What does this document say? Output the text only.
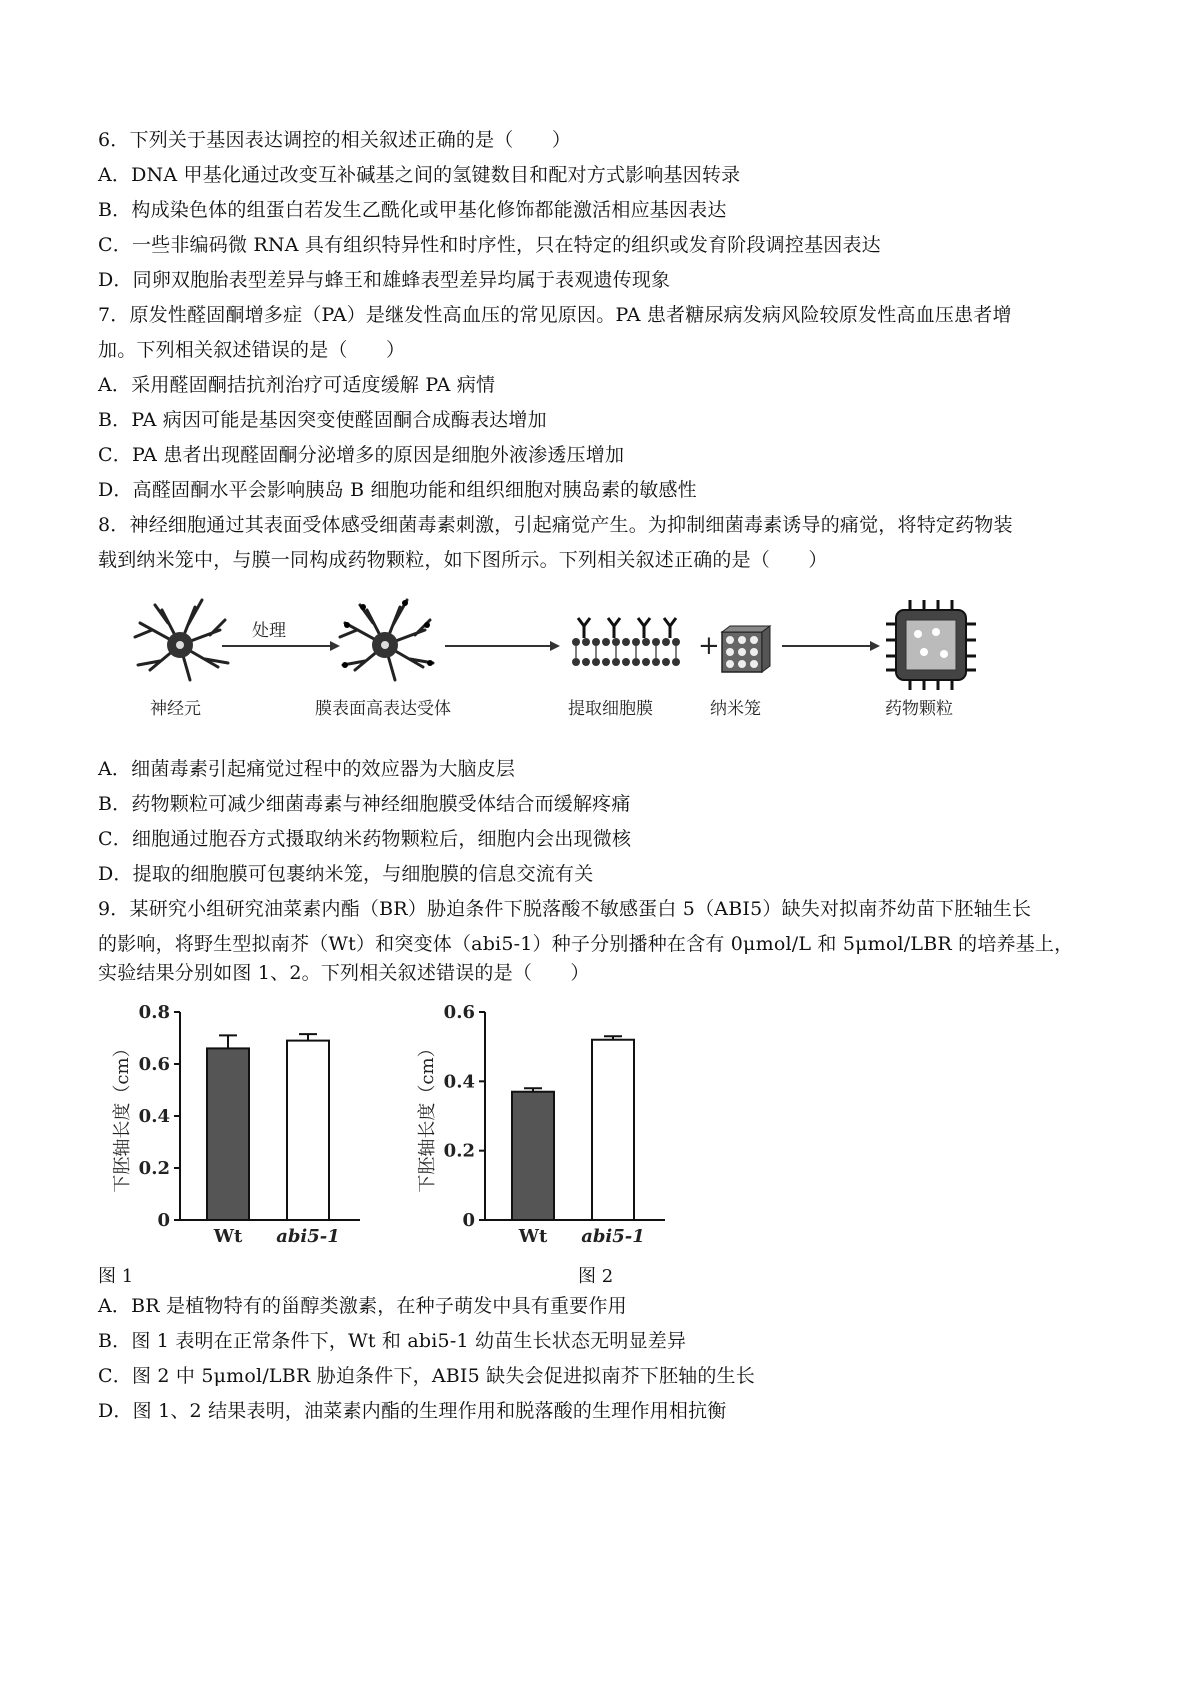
6．下列关于基因表达调控的相关叙述正确的是（　　）
A．DNA 甲基化通过改变互补碱基之间的氢键数目和配对方式影响基因转录
B．构成染色体的组蛋白若发生乙酰化或甲基化修饰都能激活相应基因表达
C．一些非编码微 RNA 具有组织特异性和时序性，只在特定的组织或发育阶段调控基因表达
D．同卵双胞胎表型差异与蜂王和雄蜂表型差异均属于表观遗传现象
7．原发性醛固酮增多症（PA）是继发性高血压的常见原因。PA 患者糖尿病发病风险较原发性高血压患者增
加。下列相关叙述错误的是（　　）
A．采用醛固酮拮抗剂治疗可适度缓解 PA 病情
B．PA 病因可能是基因突变使醛固酮合成酶表达增加
C．PA 患者出现醛固酮分泌增多的原因是细胞外液渗透压增加
D．高醛固酮水平会影响胰岛 B 细胞功能和组织细胞对胰岛素的敏感性
8．神经细胞通过其表面受体感受细菌毒素刺激，引起痛觉产生。为抑制细菌毒素诱导的痛觉，将特定药物装
载到纳米笼中，与膜一同构成药物颗粒，如下图所示。下列相关叙述正确的是（　　）
处理	+
神经元	膜表面高表达受体	提取细胞膜	纳米笼	药物颗粒
A．细菌毒素引起痛觉过程中的效应器为大脑皮层
B．药物颗粒可减少细菌毒素与神经细胞膜受体结合而缓解疼痛
C．细胞通过胞吞方式摄取纳米药物颗粒后，细胞内会出现微核
D．提取的细胞膜可包裹纳米笼，与细胞膜的信息交流有关
9．某研究小组研究油菜素内酯（BR）胁迫条件下脱落酸不敏感蛋白 5（ABI5）缺失对拟南芥幼苗下胚轴生长
的影响，将野生型拟南芥（Wt）和突变体（abi5-1）种子分别播种在含有 0μmol/L 和 5μmol/LBR 的培养基上，
实验结果分别如图 1、2。下列相关叙述错误的是（　　）
下胚轴长度（cm）
0
0.2
0.4
0.6
0.8
Wt abi5-1
下胚轴长度（cm）
0
0.2
0.4
0.6
Wt abi5-1
图 1	图 2
A．BR 是植物特有的甾醇类激素，在种子萌发中具有重要作用
B．图 1 表明在正常条件下，Wt 和 abi5-1 幼苗生长状态无明显差异
C．图 2 中 5μmol/LBR 胁迫条件下，ABI5 缺失会促进拟南芥下胚轴的生长
D．图 1、2 结果表明，油菜素内酯的生理作用和脱落酸的生理作用相抗衡
